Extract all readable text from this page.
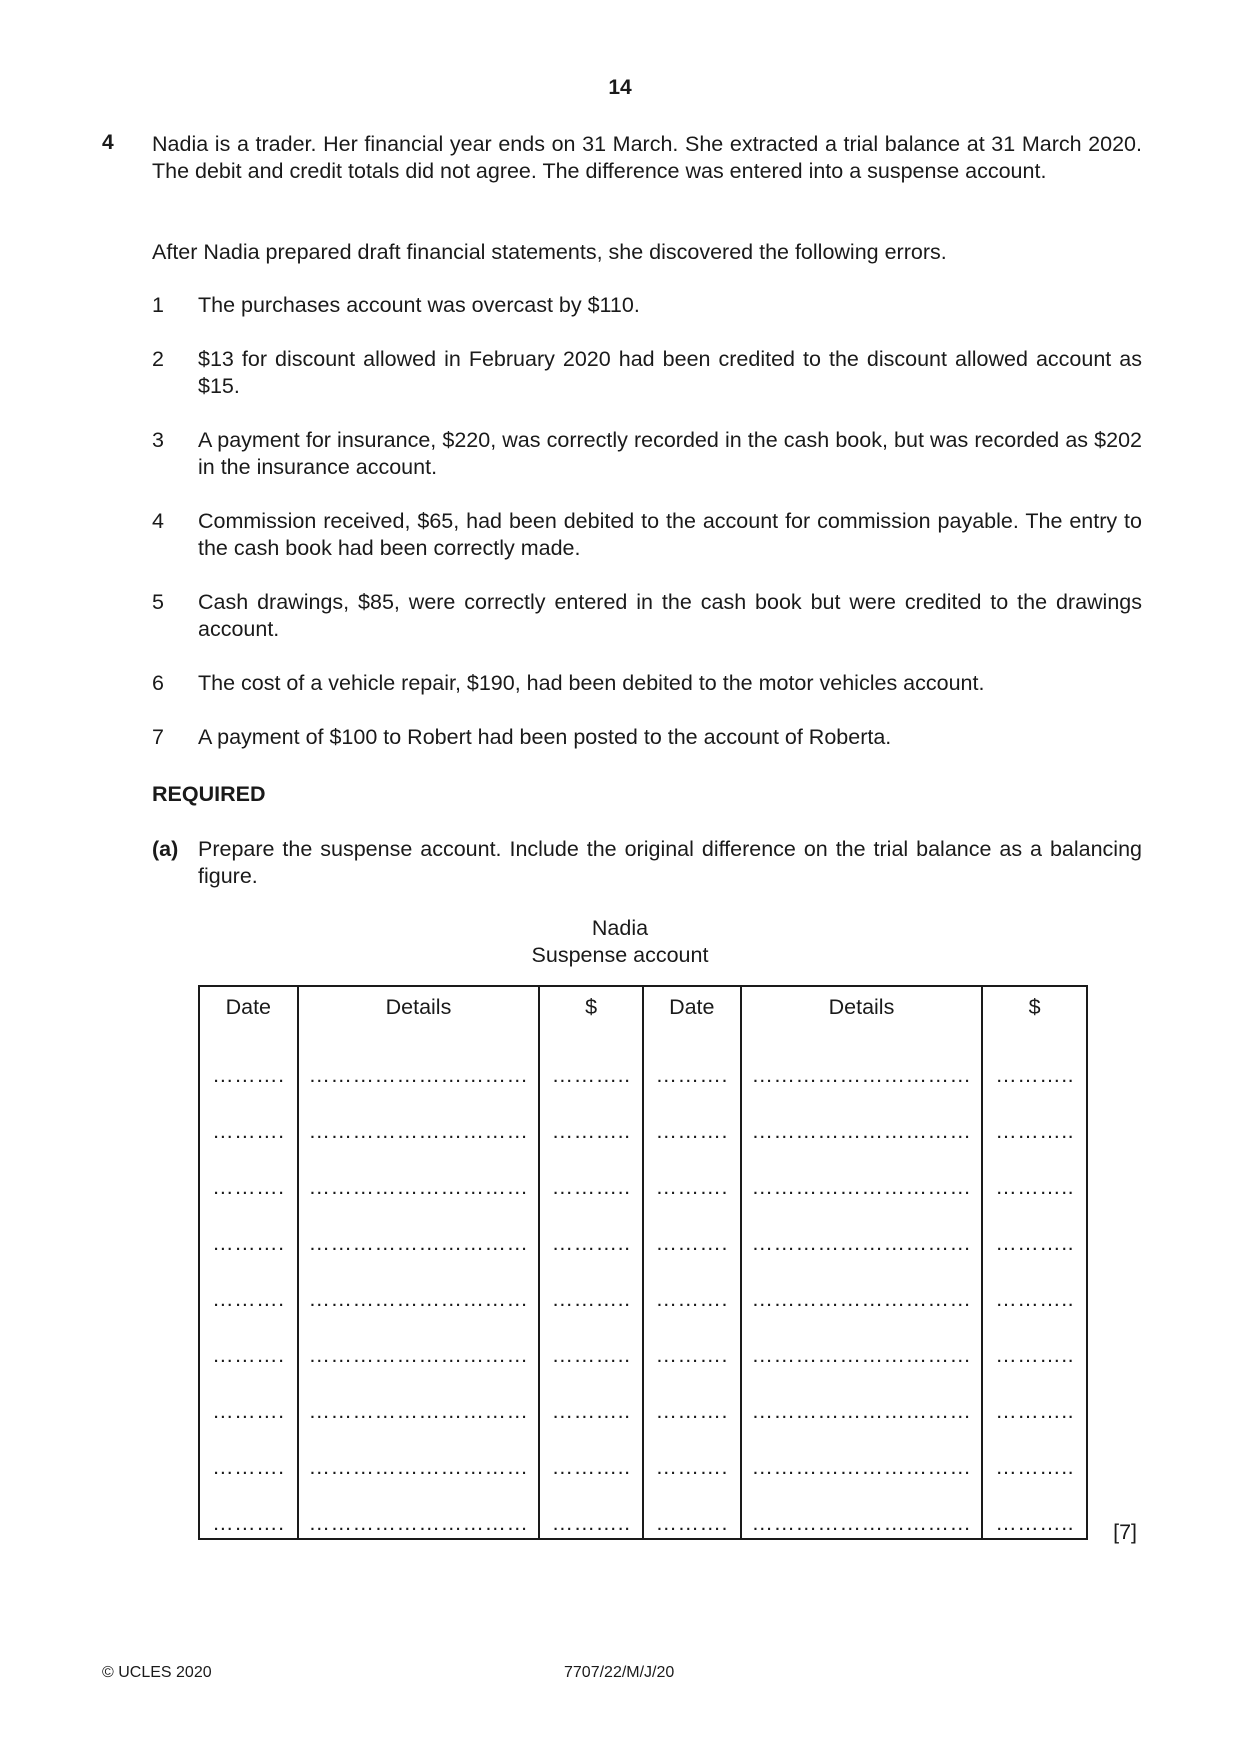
14
4 Nadia is a trader. Her financial year ends on 31 March. She extracted a trial balance at 31 March 2020. The debit and credit totals did not agree. The difference was entered into a suspense account.
After Nadia prepared draft financial statements, she discovered the following errors.
1 The purchases account was overcast by $110.
2 $13 for discount allowed in February 2020 had been credited to the discount allowed account as $15.
3 A payment for insurance, $220, was correctly recorded in the cash book, but was recorded as $202 in the insurance account.
4 Commission received, $65, had been debited to the account for commission payable. The entry to the cash book had been correctly made.
5 Cash drawings, $85, were correctly entered in the cash book but were credited to the drawings account.
6 The cost of a vehicle repair, $190, had been debited to the motor vehicles account.
7 A payment of $100 to Robert had been posted to the account of Roberta.
REQUIRED
(a) Prepare the suspense account. Include the original difference on the trial balance as a balancing figure.
Nadia
Suspense account
Date	Details	$	Date	Details	$
……….	…………………………	………..	……….	…………………………	………..
……….	…………………………	………..	……….	…………………………	………..
……….	…………………………	………..	……….	…………………………	………..
……….	…………………………	………..	……….	…………………………	………..
……….	…………………………	………..	……….	…………………………	………..
……….	…………………………	………..	……….	…………………………	………..
……….	…………………………	………..	……….	…………………………	………..
……….	…………………………	………..	……….	…………………………	………..
……….	…………………………	………..	……….	…………………………	……….. [7]
© UCLES 2020	7707/22/M/J/20
